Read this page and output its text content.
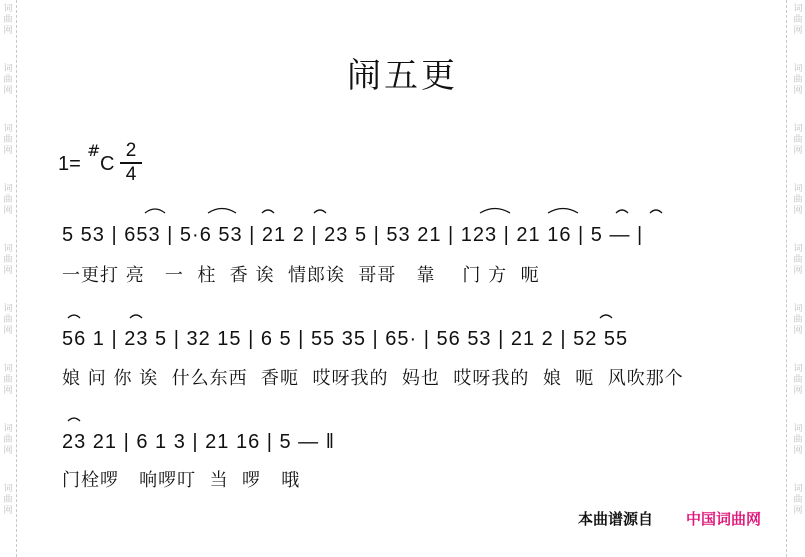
词
曲
网
词
曲
网
词
曲
网
词
曲
网
词
曲
网
词
曲
网
词
曲
网
词
曲
网
词
曲
网
词
曲
网
词
曲
网
词
曲
网
词
曲
网
词
曲
网
词
曲
网
词
曲
网
词
曲
网
词
曲
网
闹五更
1=
#
C
2
4
5 53 | 653 | 5·6 53 | 21 2 | 23 5 | 53 21 | 123 | 21 16 | 5 — |
一更打 亮   一  柱  香 诶  情郎诶  哥哥   靠    门 方  呃
56 1 | 23 5 | 32 15 | 6 5 | 55 35 | 65· | 56 53 | 21 2 | 52 55
娘 问 你 诶  什么东西  香呃  哎呀我的  妈也  哎呀我的  娘  呃  风吹那个
23 21 | 6 1 3 | 21 16 | 5 — ‖
门栓啰   响啰叮  当  啰   哦
本曲谱源自 中国词曲网
